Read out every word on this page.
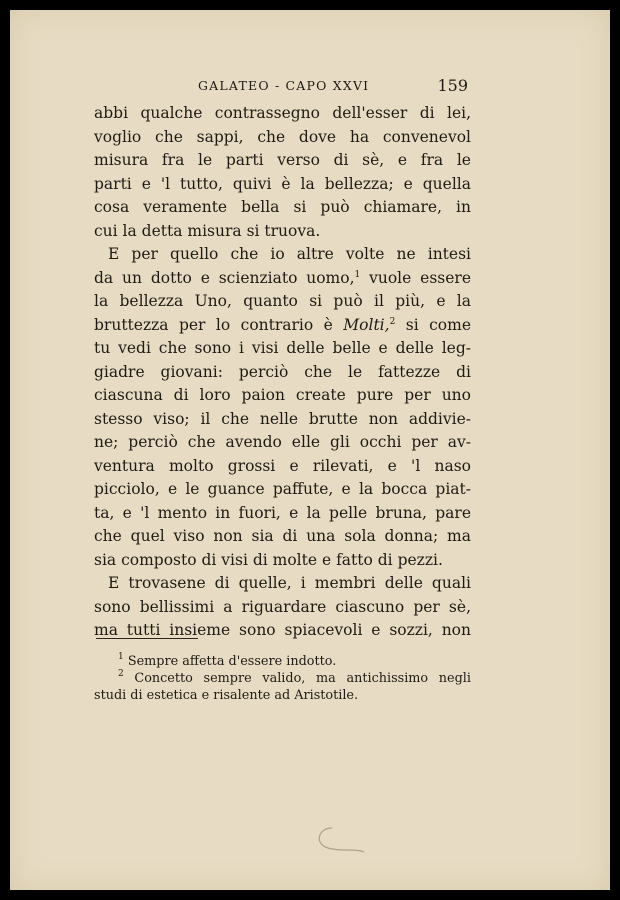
GALATEO - CAPO XXVI	159
abbi qualche contrassegno dell'esser di lei,
voglio che sappi, che dove ha convenevol
misura fra le parti verso di sè, e fra le
parti e 'l tutto, quivi è la bellezza; e quella
cosa veramente bella si può chiamare, in
cui la detta misura si truova.
E per quello che io altre volte ne intesi
da un dotto e scienziato uomo,$^1$ vuole essere
la bellezza Uno, quanto si può il più, e la
bruttezza per lo contrario è Molti,$^2$ si come
tu vedi che sono i visi delle belle e delle leg-
giadre giovani: perciò che le fattezze di
ciascuna di loro paion create pure per uno
stesso viso; il che nelle brutte non addivie-
ne; perciò che avendo elle gli occhi per av-
ventura molto grossi e rilevati, e 'l naso
picciolo, e le guance paffute, e la bocca piat-
ta, e 'l mento in fuori, e la pelle bruna, pare
che quel viso non sia di una sola donna; ma
sia composto di visi di molte e fatto di pezzi.
E trovasene di quelle, i membri delle quali
sono bellissimi a riguardare ciascuno per sè,
ma tutti insieme sono spiacevoli e sozzi, non
$^1$ Sempre affetta d'essere indotto.
$^2$ Concetto sempre valido, ma antichissimo negli
studi di estetica e risalente ad Aristotile.
